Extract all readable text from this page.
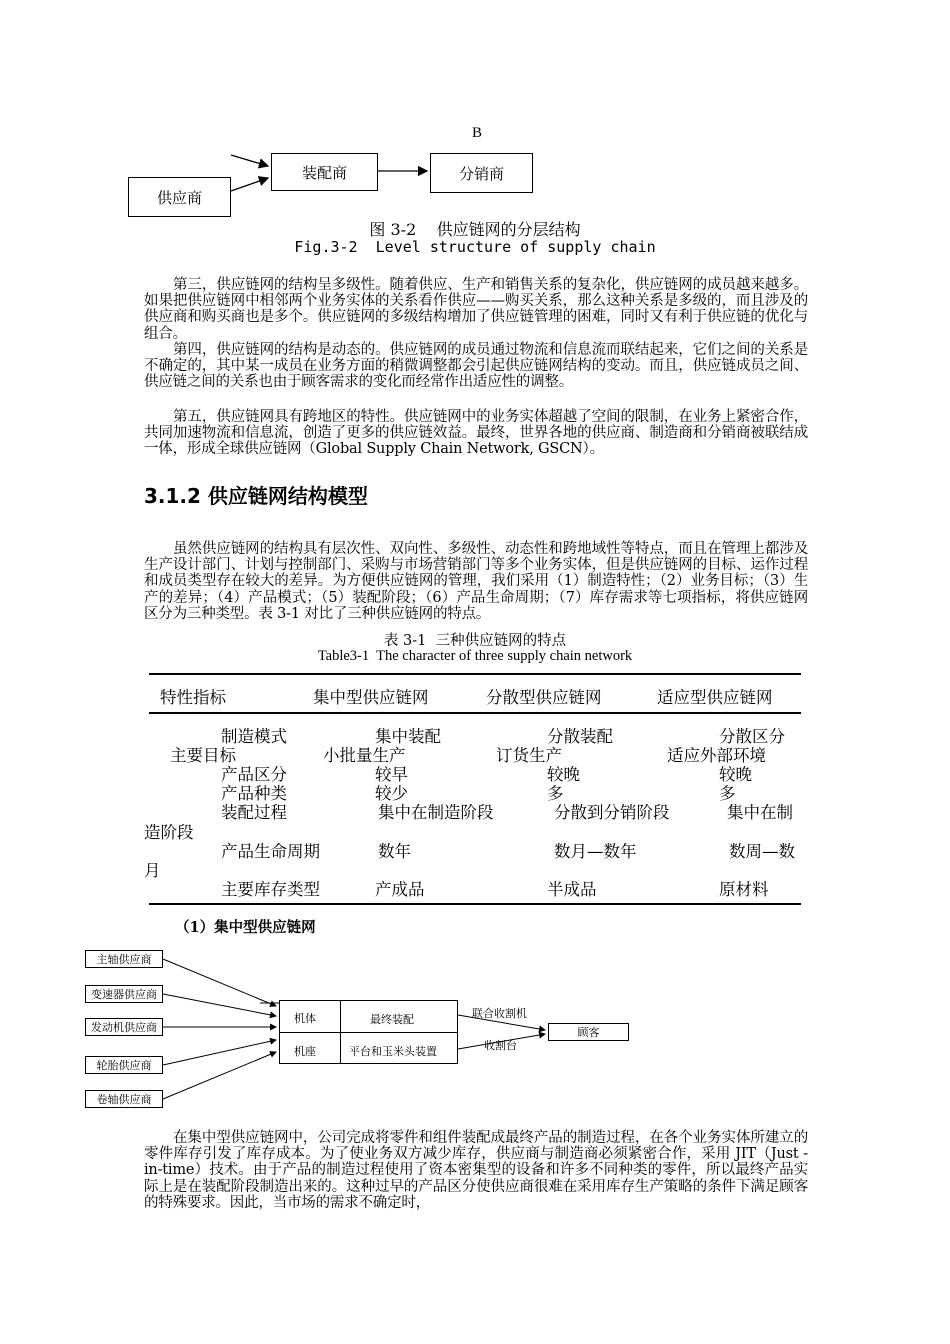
B
装配商	分销商
供应商
图 3-2    供应链网的分层结构
Fig.3-2  Level structure of supply chain

第三，供应链网的结构呈多级性。随着供应、生产和销售关系的复杂化，供应链网的成员越来越多。如果把供应链网中相邻两个业务实体的关系看作供应——购买关系，那么这种关系是多级的，而且涉及的供应商和购买商也是多个。供应链网的多级结构增加了供应链管理的困难，同时又有利于供应链的优化与组合。

第四，供应链网的结构是动态的。供应链网的成员通过物流和信息流而联结起来，它们之间的关系是不确定的，其中某一成员在业务方面的稍微调整都会引起供应链网结构的变动。而且，供应链成员之间、供应链之间的关系也由于顾客需求的变化而经常作出适应性的调整。

第五，供应链网具有跨地区的特性。供应链网中的业务实体超越了空间的限制，在业务上紧密合作，共同加速物流和信息流，创造了更多的供应链效益。最终，世界各地的供应商、制造商和分销商被联结成一体，形成全球供应链网（Global Supply Chain Network, GSCN）。

3.1.2 供应链网结构模型

虽然供应链网的结构具有层次性、双向性、多级性、动态性和跨地域性等特点，而且在管理上都涉及生产设计部门、计划与控制部门、采购与市场营销部门等多个业务实体，但是供应链网的目标、运作过程和成员类型存在较大的差异。为方便供应链网的管理，我们采用（1）制造特性；（2）业务目标；（3）生产的差异；（4）产品模式；（5）装配阶段；（6）产品生命周期；（7）库存需求等七项指标，将供应链网区分为三种类型。表 3-1 对比了三种供应链网的特点。

表 3-1  三种供应链网的特点
Table3-1  The character of three supply chain network
特性指标	集中型供应链网	分散型供应链网	适应型供应链网
制造模式	集中装配	分散装配	分散区分
主要目标	小批量生产	订货生产	适应外部环境
产品区分	较早	较晚	较晚
产品种类	较少	多	多
装配过程	集中在制造阶段	分散到分销阶段	集中在制
造阶段
产品生命周期	数年	数月—数年	数周—数
月
主要库存类型	产成品	半成品	原材料
（1）集中型供应链网
主轴供应商
变速器供应商
发动机供应商
轮胎供应商
卷轴供应商
机体	最终装配
机座	平台和玉米头装置
联合收割机
收割台
顾客

在集中型供应链网中，公司完成将零件和组件装配成最终产品的制造过程，在各个业务实体所建立的零件库存引发了库存成本。为了使业务双方减少库存，供应商与制造商必须紧密合作，采用 JIT（Just -in-time）技术。由于产品的制造过程使用了资本密集型的设备和许多不同种类的零件，所以最终产品实际上是在装配阶段制造出来的。这种过早的产品区分使供应商很难在采用库存生产策略的条件下满足顾客的特殊要求。因此，当市场的需求不确定时，
